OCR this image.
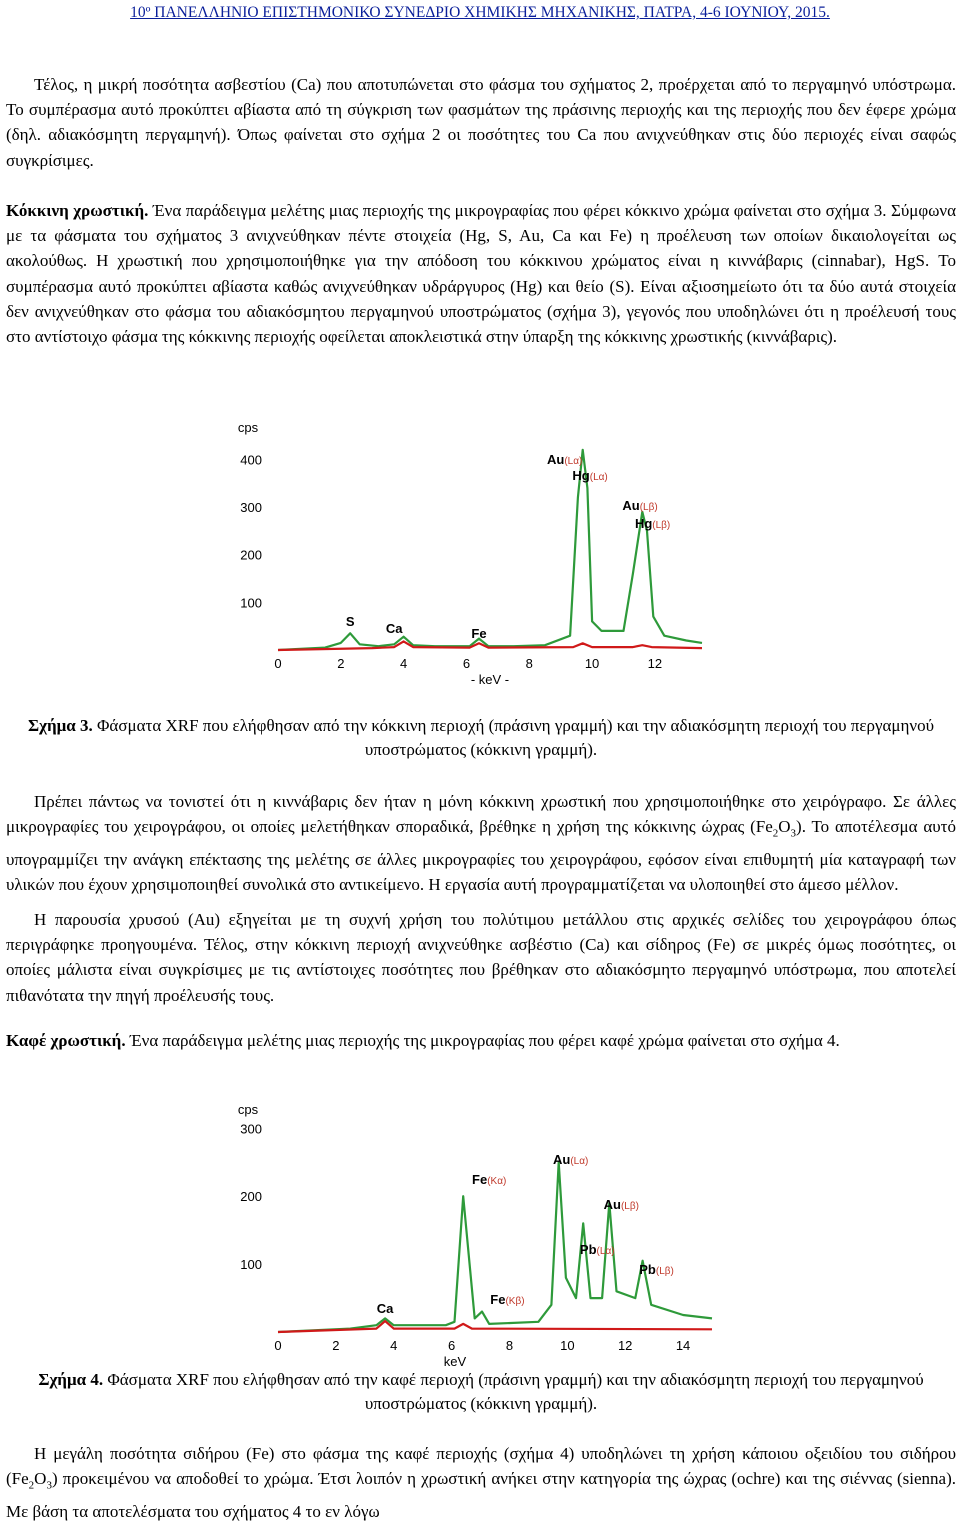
10º ΠΑΝΕΛΛΗΝΙΟ ΕΠΙΣΤΗΜΟΝΙΚΟ ΣΥΝΕΔΡΙΟ ΧΗΜΙΚΗΣ ΜΗΧΑΝΙΚΗΣ, ΠΑΤΡΑ, 4-6 ΙΟΥΝΙΟΥ, 2015.

Τέλος, η μικρή ποσότητα ασβεστίου (Ca) που αποτυπώνεται στο φάσμα του σχήματος 2, προέρχεται από το περγαμηνό υπόστρωμα. Το συμπέρασμα αυτό προκύπτει αβίαστα από τη σύγκριση των φασμάτων της πράσινης περιοχής και της περιοχής που δεν έφερε χρώμα (δηλ. αδιακόσμητη περγαμηνή). Όπως φαίνεται στο σχήμα 2 οι ποσότητες του Ca που ανιχνεύθηκαν στις δύο περιοχές είναι σαφώς συγκρίσιμες.

Κόκκινη χρωστική. Ένα παράδειγμα μελέτης μιας περιοχής της μικρογραφίας που φέρει κόκκινο χρώμα φαίνεται στο σχήμα 3. Σύμφωνα με τα φάσματα του σχήματος 3 ανιχνεύθηκαν πέντε στοιχεία (Hg, S, Au, Ca και Fe) η προέλευση των οποίων δικαιολογείται ως ακολούθως. Η χρωστική που χρησιμοποιήθηκε για την απόδοση του κόκκινου χρώματος είναι η κιννάβαρις (cinnabar), HgS. Το συμπέρασμα αυτό προκύπτει αβίαστα καθώς ανιχνεύθηκαν υδράργυρος (Hg) και θείο (S). Είναι αξιοσημείωτο ότι τα δύο αυτά στοιχεία δεν ανιχνεύθηκαν στο φάσμα του αδιακόσμητου περγαμηνού υποστρώματος (σχήμα 3), γεγονός που υποδηλώνει ότι η προέλευσή τους στο αντίστοιχο φάσμα της κόκκινης περιοχής οφείλεται αποκλειστικά στην ύπαρξη της κόκκινης χρωστικής (κιννάβαρις).

100
200
300
400
cps
0	2	4	6	8	10	12
- keV -
S Ca	Fe
Au(Lα)
Hg(Lα)
Au(Lβ)
Hg(Lβ)
Σχήμα 3. Φάσματα XRF που ελήφθησαν από την κόκκινη περιοχή (πράσινη γραμμή) και την αδιακόσμητη περιοχή του περγαμηνού υποστρώματος (κόκκινη γραμμή).

Πρέπει πάντως να τονιστεί ότι η κιννάβαρις δεν ήταν η μόνη κόκκινη χρωστική που χρησιμοποιήθηκε στο χειρόγραφο. Σε άλλες μικρογραφίες του χειρογράφου, οι οποίες μελετήθηκαν σποραδικά, βρέθηκε η χρήση της κόκκινης ώχρας $(Fe_2O_3)$. Το αποτέλεσμα αυτό υπογραμμίζει την ανάγκη επέκτασης της μελέτης σε άλλες μικρογραφίες του χειρογράφου, εφόσον είναι επιθυμητή μία καταγραφή των υλικών που έχουν χρησιμοποιηθεί συνολικά στο αντικείμενο. Η εργασία αυτή προγραμματίζεται να υλοποιηθεί στο άμεσο μέλλον.

Η παρουσία χρυσού (Au) εξηγείται με τη συχνή χρήση του πολύτιμου μετάλλου στις αρχικές σελίδες του χειρογράφου όπως περιγράφηκε προηγουμένα. Τέλος, στην κόκκινη περιοχή ανιχνεύθηκε ασβέστιο (Ca) και σίδηρος (Fe) σε μικρές όμως ποσότητες, οι οποίες μάλιστα είναι συγκρίσιμες με τις αντίστοιχες ποσότητες που βρέθηκαν στο αδιακόσμητο περγαμηνό υπόστρωμα, που αποτελεί πιθανότατα την πηγή προέλευσής τους.

Καφέ χρωστική. Ένα παράδειγμα μελέτης μιας περιοχής της μικρογραφίας που φέρει καφέ χρώμα φαίνεται στο σχήμα 4.

100
200
300
cps
0	2	4	6	8	10	12	14
keV
Ca
Fe(Kα)
Fe(Kβ)
Au(Lα)
Au(Lβ)
Pb(Lα)
Pb(Lβ)
Σχήμα 4. Φάσματα XRF που ελήφθησαν από την καφέ περιοχή (πράσινη γραμμή) και την αδιακόσμητη περιοχή του περγαμηνού υποστρώματος (κόκκινη γραμμή).

Η μεγάλη ποσότητα σιδήρου (Fe) στο φάσμα της καφέ περιοχής (σχήμα 4) υποδηλώνει τη χρήση κάποιου οξειδίου του σιδήρου $(Fe_2O_3)$ προκειμένου να αποδοθεί το χρώμα. Έτσι λοιπόν η χρωστική ανήκει στην κατηγορία της ώχρας (ochre) και της σιέννας (sienna). Με βάση τα αποτελέσματα του σχήματος 4 το εν λόγω
